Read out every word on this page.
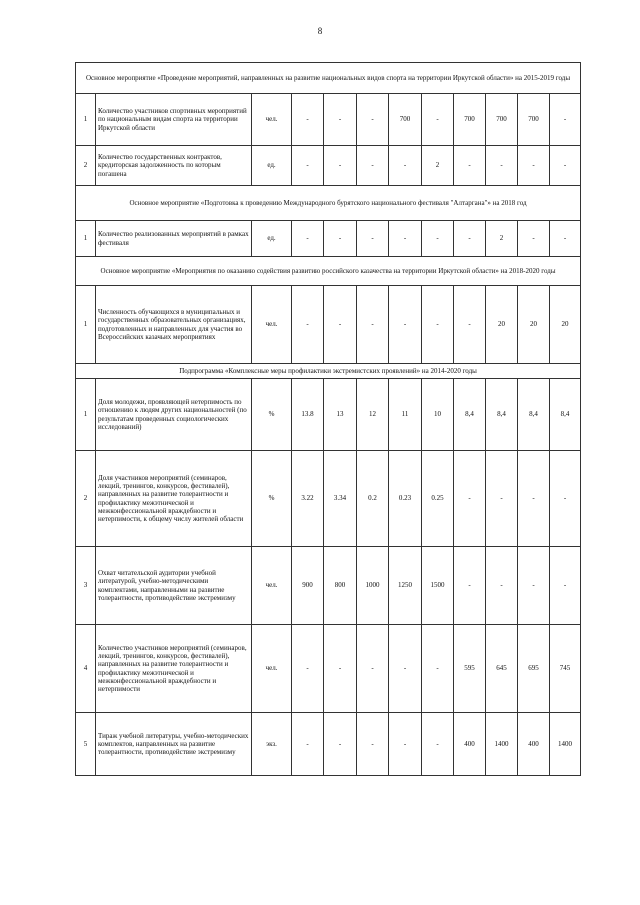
8
Основное мероприятие «Проведение мероприятий, направленных на развитие национальных видов спорта на территории Иркутской области» на 2015-2019 годы											
1	Количество участников спортивных мероприятий по национальным видам спорта на территории Иркутской области	чел.	-	-	-	700	-	700	700	700	-
2	Количество государственных контрактов, кредиторская задолженность по которым погашена	ед.	-	-	-	-	2	-	-	-	-
Основное мероприятие «Подготовка к проведению Международного бурятского национального фестиваля "Алтаргана"» на 2018 год											
1	Количество реализованных мероприятий в рамках фестиваля	ед.	-	-	-	-	-	-	2	-	-
Основное мероприятие «Мероприятия по оказанию содействия развитию российского казачества на территории Иркутской области» на 2018-2020 годы											
1	Численность обучающихся в муниципальных и государственных образовательных организациях, подготовленных и направленных для участия во Всероссийских казачьих мероприятиях	чел.	-	-	-	-	-	-	20	20	20
Подпрограмма «Комплексные меры профилактики экстремистских проявлений» на 2014-2020 годы											
1	Доля молодежи, проявляющей нетерпимость по отношению к людям других национальностей (по результатам проведенных социологических исследований)	%	13.8	13	12	11	10	8,4	8,4	8,4	8,4
2	Доля участников мероприятий (семинаров, лекций, тренингов, конкурсов, фестивалей), направленных на развитие толерантности и профилактику межэтнической и межконфессиональной враждебности и нетерпимости, к общему числу жителей области	%	3.22	3.34	0.2	0.23	0.25	-	-	-	-
3	Охват читательской аудитории учебной литературой, учебно-методическими комплектами, направленными на развитие толерантности, противодействие экстремизму	чел.	900	800	1000	1250	1500	-	-	-	-
4	Количество участников мероприятий (семинаров, лекций, тренингов, конкурсов, фестивалей), направленных на развитие толерантности и профилактику межэтнической и межконфессиональной враждебности и нетерпимости	чел.	-	-	-	-	-	595	645	695	745
5	Тираж учебной литературы, учебно-методических комплектов, направленных на развитие толерантности, противодействие экстремизму	экз.	-	-	-	-	-	400	1400	400	1400
